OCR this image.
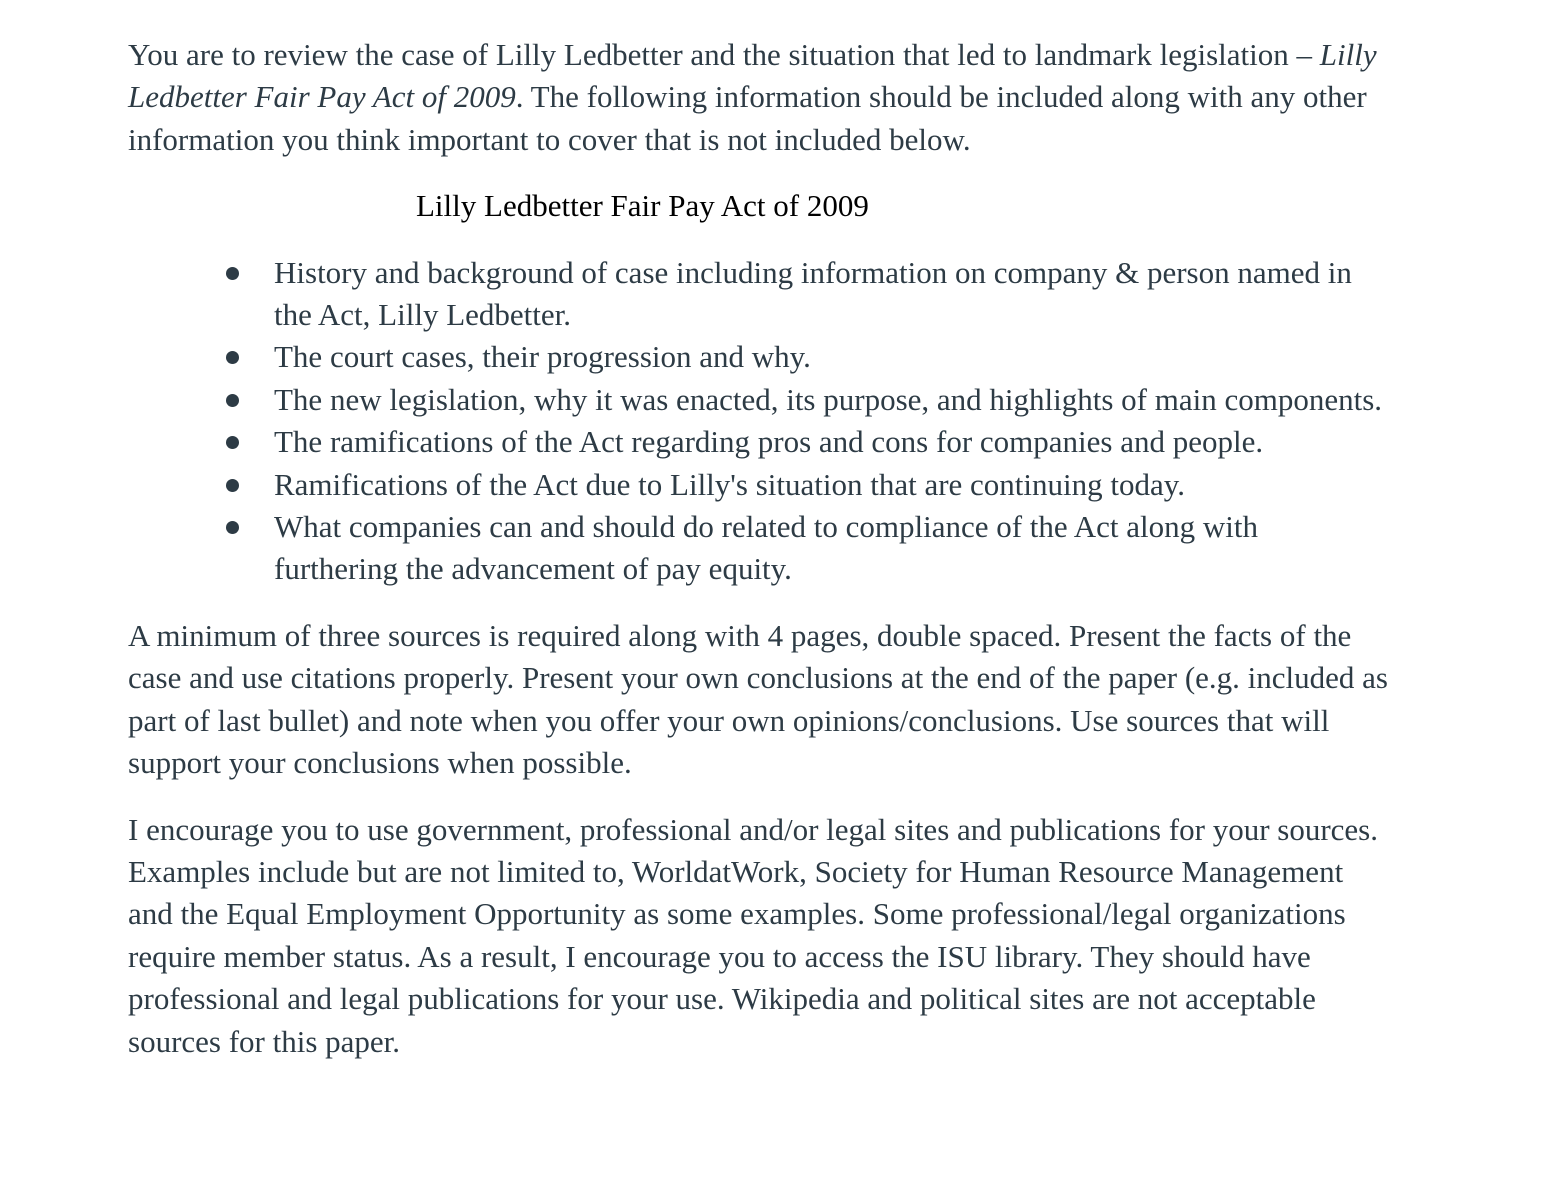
You are to review the case of Lilly Ledbetter and the situation that led to landmark legislation – Lilly Ledbetter Fair Pay Act of 2009. The following information should be included along with any other information you think important to cover that is not included below.

Lilly Ledbetter Fair Pay Act of 2009

History and background of case including information on company & person named in the Act, Lilly Ledbetter.
The court cases, their progression and why.
The new legislation, why it was enacted, its purpose, and highlights of main components.
The ramifications of the Act regarding pros and cons for companies and people.
Ramifications of the Act due to Lilly's situation that are continuing today.
What companies can and should do related to compliance of the Act along with furthering the advancement of pay equity.

A minimum of three sources is required along with 4 pages, double spaced. Present the facts of the case and use citations properly. Present your own conclusions at the end of the paper (e.g. included as part of last bullet) and note when you offer your own opinions/conclusions. Use sources that will support your conclusions when possible.

I encourage you to use government, professional and/or legal sites and publications for your sources. Examples include but are not limited to, WorldatWork, Society for Human Resource Management and the Equal Employment Opportunity as some examples. Some professional/legal organizations require member status. As a result, I encourage you to access the ISU library. They should have professional and legal publications for your use. Wikipedia and political sites are not acceptable sources for this paper.
